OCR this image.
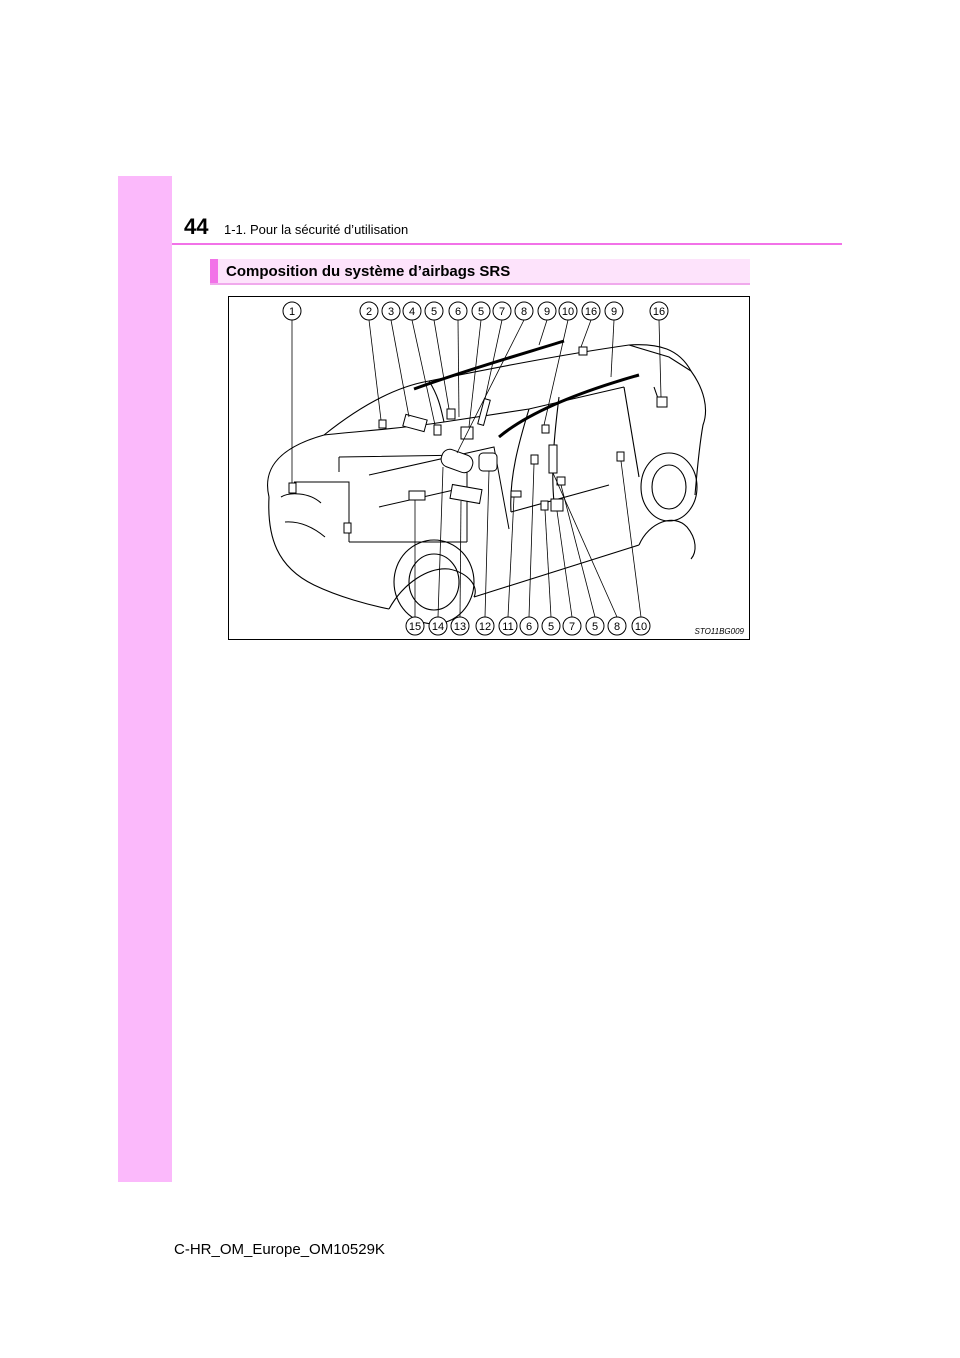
44 1-1. Pour la sécurité d’utilisation
Composition du système d’airbags SRS
1	2 3 4 5 6 5 7 8 9 10 16 9	16
15 14 13 12 11 6 5 7 5 8 10	STO11BG009
C-HR_OM_Europe_OM10529K
